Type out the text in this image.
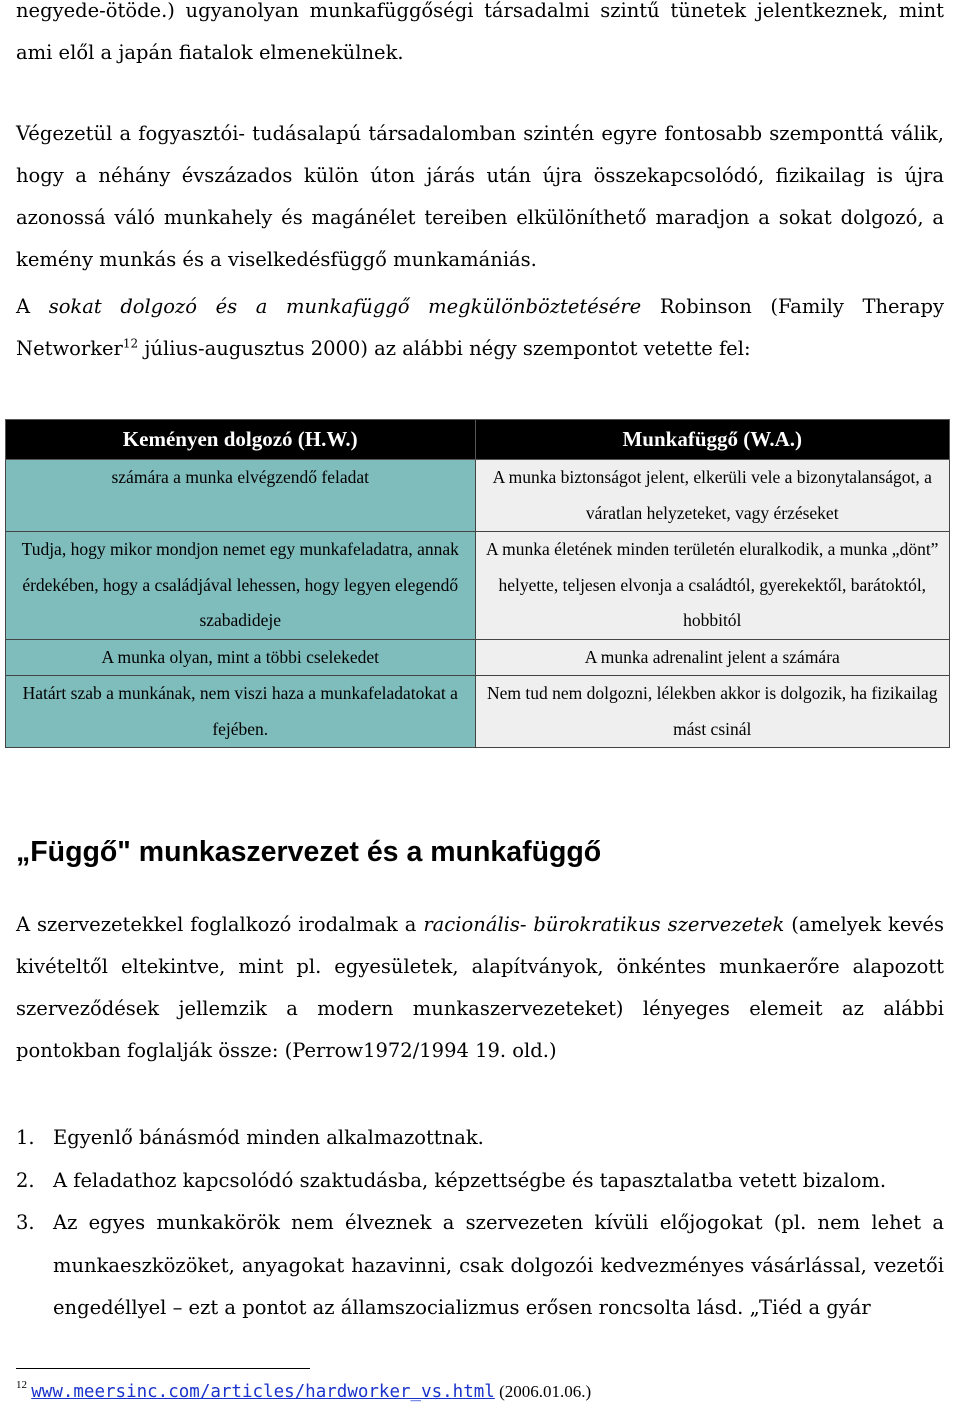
negyede-ötöde.) ugyanolyan munkafüggőségi társadalmi szintű tünetek jelentkeznek, mint ami elől a japán fiatalok elmenekülnek.

Végezetül a fogyasztói- tudásalapú társadalomban szintén egyre fontosabb szemponttá válik, hogy a néhány évszázados külön úton járás után újra összekapcsolódó, fizikailag is újra azonossá váló munkahely és magánélet tereiben elkülöníthető maradjon a sokat dolgozó, a kemény munkás és a viselkedésfüggő munkamániás.

A sokat dolgozó és a munkafüggő megkülönböztetésére Robinson (Family Therapy Networker$^{12}$ július-augusztus 2000) az alábbi négy szempontot vetette fel:

Keményen dolgozó (H.W.)	Munkafüggő (W.A.)
számára a munka elvégzendő feladat	A munka biztonságot jelent, elkerüli vele a bizonytalanságot, a váratlan helyzeteket, vagy érzéseket
Tudja, hogy mikor mondjon nemet egy munkafeladatra, annak érdekében, hogy a családjával lehessen, hogy legyen elegendő szabadideje	A munka életének minden területén eluralkodik, a munka „dönt” helyette, teljesen elvonja a családtól, gyerekektől, barátoktól, hobbitól
A munka olyan, mint a többi cselekedet	A munka adrenalint jelent a számára
Határt szab a munkának, nem viszi haza a munkafeladatokat a fejében.	Nem tud nem dolgozni, lélekben akkor is dolgozik, ha fizikailag mást csinál
„Függő" munkaszervezet és a munkafüggő

A szervezetekkel foglalkozó irodalmak a racionális- bürokratikus szervezetek (amelyek kevés kivételtől eltekintve, mint pl. egyesületek, alapítványok, önkéntes munkaerőre alapozott szerveződések jellemzik a modern munkaszervezeteket) lényeges elemeit az alábbi pontokban foglalják össze: (Perrow1972/1994 19. old.)

1. Egyenlő bánásmód minden alkalmazottnak.
2. A feladathoz kapcsolódó szaktudásba, képzettségbe és tapasztalatba vetett bizalom.
3. Az egyes munkakörök nem élveznek a szervezeten kívüli előjogokat (pl. nem lehet a munkaeszközöket, anyagokat hazavinni, csak dolgozói kedvezményes vásárlással, vezetői engedéllyel – ezt a pontot az államszocializmus erősen roncsolta lásd. „Tiéd a gyár
$^{12}$ www.meersinc.com/articles/hardworker_vs.html (2006.01.06.)
